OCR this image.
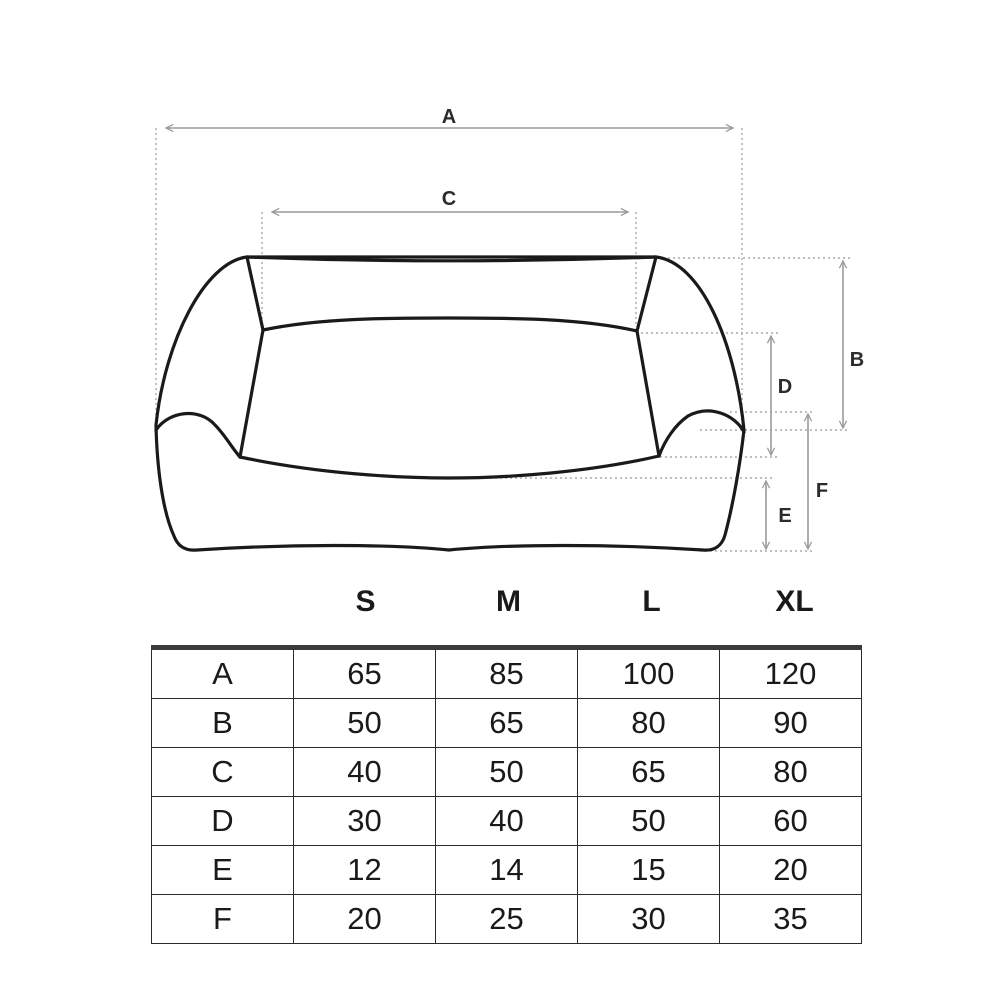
A
C
B
D
F
E
S	M	L	XL
A	65	85	100	120
B	50	65	80	90
C	40	50	65	80
D	30	40	50	60
E	12	14	15	20
F	20	25	30	35
